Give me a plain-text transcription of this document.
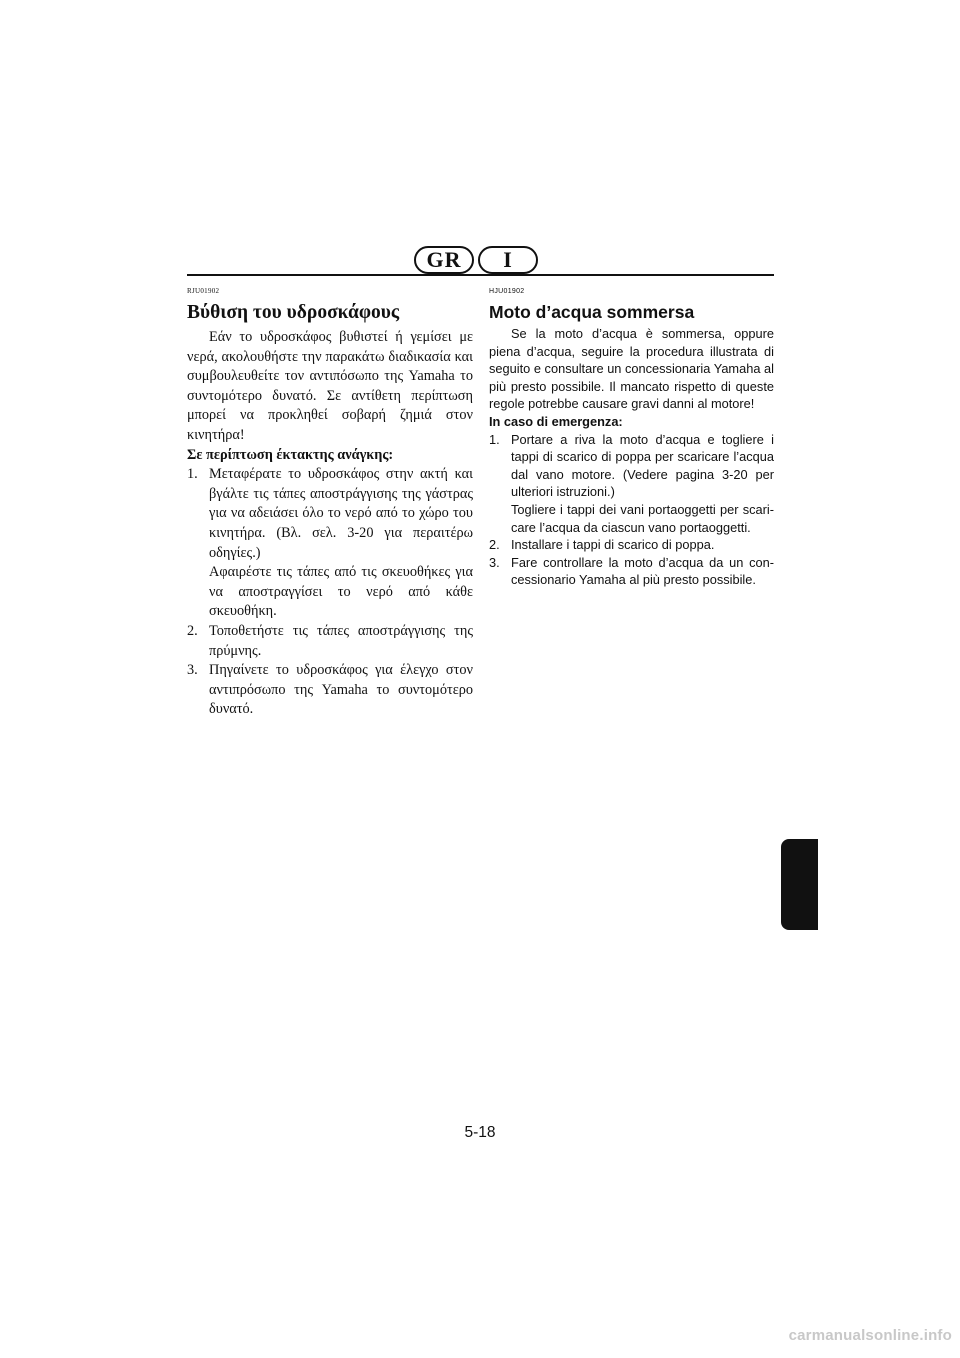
GR	I
RJU01902
Βύθιση του υδροσκάφους

Εάν το υδροσκάφος βυθιστεί ή γεμίσει με νερά, ακολουθήστε την παρακάτω διαδικασία και συμβουλευθείτε τον αντιπόσωπο της Yamaha το συντομότερο δυνατό. Σε αντίθετη περίπτωση μπορεί να προκληθεί σοβαρή ζημιά στον κινητήρα!

Σε περίπτωση έκτακτης ανάγκης:

1. Μεταφέρατε το υδροσκάφος στην ακτή και βγάλτε τις τάπες αποστράγγισης της γάστρας για να αδειάσει όλο το νερό από το χώρο του κινητήρα. (Βλ. σελ. 3-20 για περαιτέρω οδηγίες.)
Αφαιρέστε τις τάπες από τις σκευοθήκες για να αποστραγγίσει το νερό από κάθε σκευοθήκη.
2. Τοποθετήστε τις τάπες αποστράγγισης της πρύμνης.
3. Πηγαίνετε το υδροσκάφος για έλεγχο στον αντιπρόσωπο της Yamaha το συντομότερο δυνατό.
HJU01902
Moto d’acqua sommersa

Se la moto d’acqua è sommersa, oppure piena d’acqua, seguire la procedura illustrata di seguito e consultare un concessionaria Yamaha al più presto possibile. Il mancato rispetto di queste regole potrebbe causare gravi danni al motore!

In caso di emergenza:

1. Portare a riva la moto d’acqua e togliere i tappi di scarico di poppa per scaricare l’acqua dal vano motore. (Vedere pagina 3-20 per ulteriori istruzioni.)
Togliere i tappi dei vani portaoggetti per scari-care l’acqua da ciascun vano portaoggetti.
2. Installare i tappi di scarico di poppa.
3. Fare controllare la moto d’acqua da un con-cessionario Yamaha al più presto possibile.
5-18
carmanualsonline.info
